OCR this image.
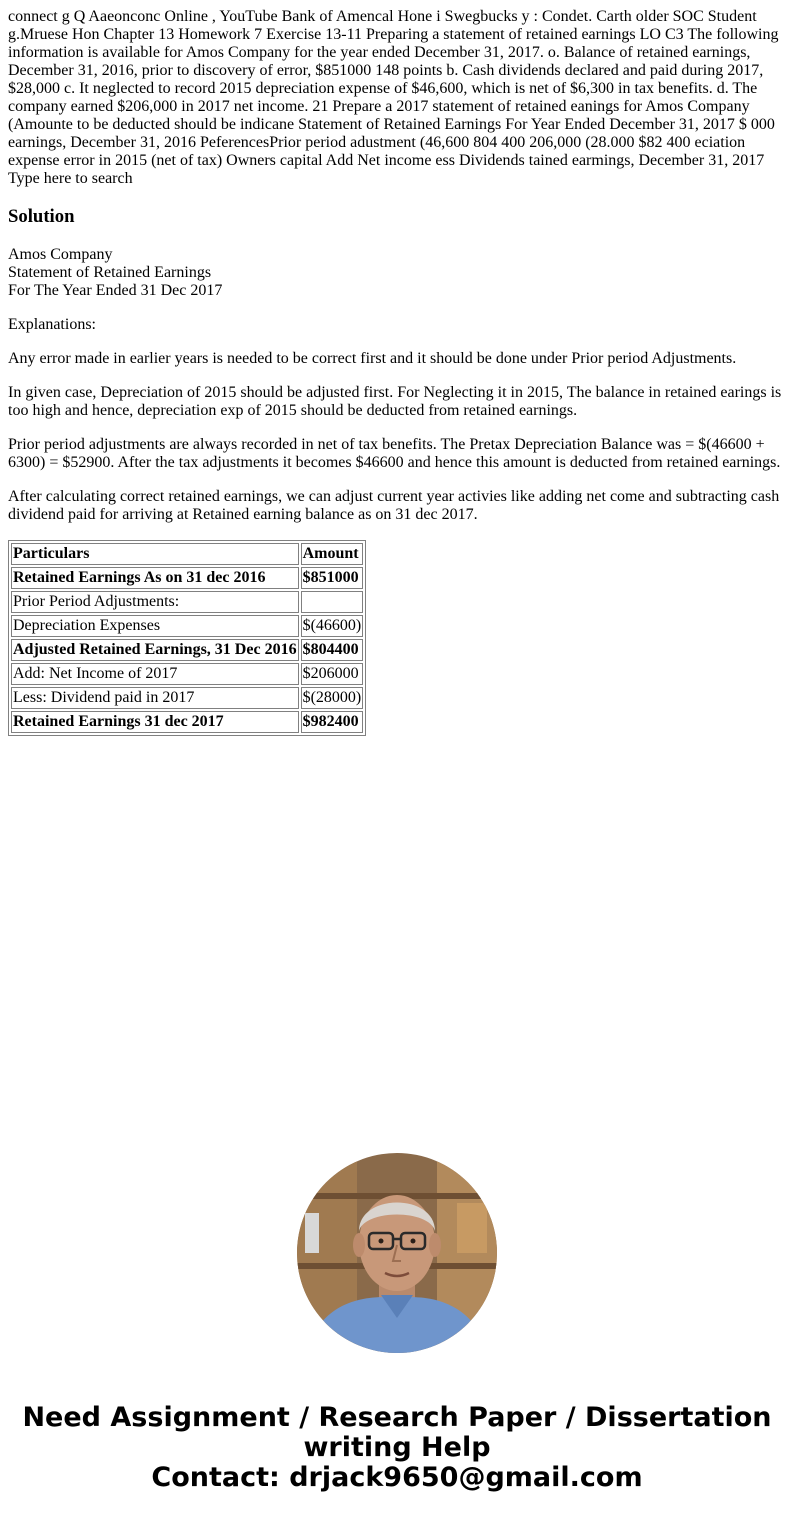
connect g Q Aaeonconc Online , YouTube Bank of Amencal Hone i Swegbucks y : Condet. Carth older SOC Student g.Mruese Hon Chapter 13 Homework 7 Exercise 13-11 Preparing a statement of retained earnings LO C3 The following information is available for Amos Company for the year ended December 31, 2017. o. Balance of retained earnings, December 31, 2016, prior to discovery of error, $851000 148 points b. Cash dividends declared and paid during 2017, $28,000 c. It neglected to record 2015 depreciation expense of $46,600, which is net of $6,300 in tax benefits. d. The company earned $206,000 in 2017 net income. 21 Prepare a 2017 statement of retained eanings for Amos Company (Amounte to be deducted should be indicane Statement of Retained Earnings For Year Ended December 31, 2017 $ 000 earnings, December 31, 2016 PeferencesPrior period adustment (46,600 804 400 206,000 (28.000 $82 400 eciation expense error in 2015 (net of tax) Owners capital Add Net income ess Dividends tained earmings, December 31, 2017 Type here to search
Solution
Amos Company
Statement of Retained Earnings
For The Year Ended 31 Dec 2017

Explanations:

Any error made in earlier years is needed to be correct first and it should be done under Prior period Adjustments.

In given case, Depreciation of 2015 should be adjusted first. For Neglecting it in 2015, The balance in retained earings is too high and hence, depreciation exp of 2015 should be deducted from retained earnings.

Prior period adjustments are always recorded in net of tax benefits. The Pretax Depreciation Balance was = $(46600 + 6300) = $52900. After the tax adjustments it becomes $46600 and hence this amount is deducted from retained earnings.

After calculating correct retained earnings, we can adjust current year activies like adding net come and subtracting cash dividend paid for arriving at Retained earning balance as on 31 dec 2017.

Particulars	Amount
Retained Earnings As on 31 dec 2016	$851000
Prior Period Adjustments:	
Depreciation Expenses	$(46600)
Adjusted Retained Earnings, 31 Dec 2016	$804400
Add: Net Income of 2017	$206000
Less: Dividend paid in 2017	$(28000)
Retained Earnings 31 dec 2017	$982400
Need Assignment / Research Paper / Dissertation
writing Help
Contact: drjack9650@gmail.com
